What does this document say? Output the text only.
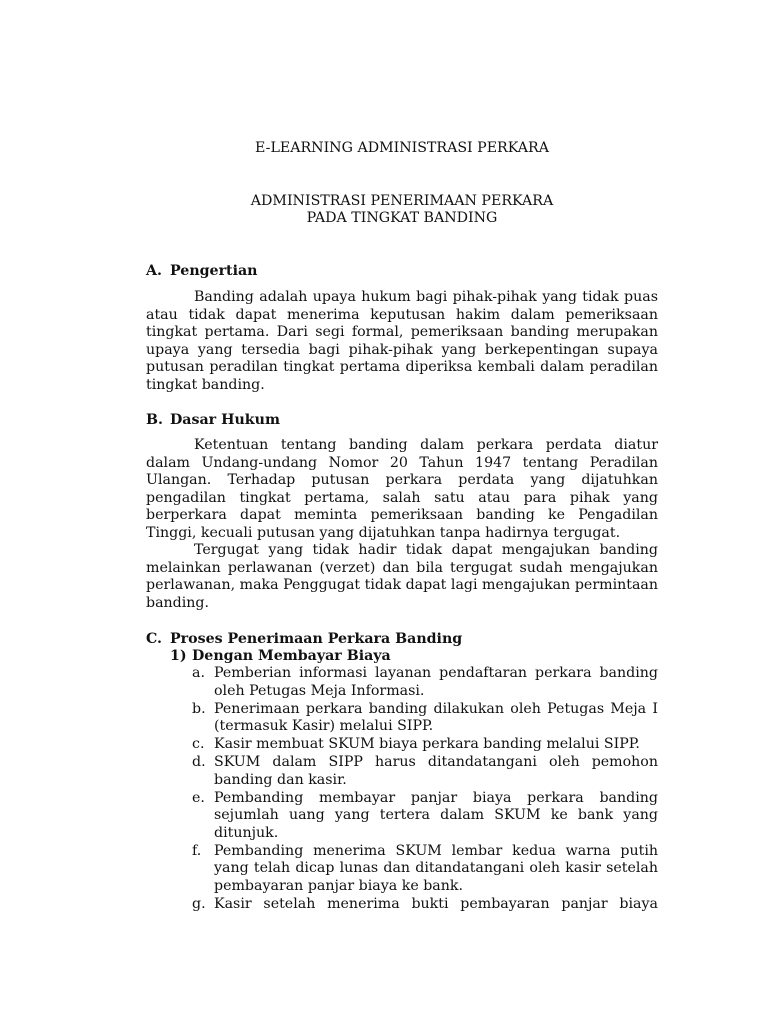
E-LEARNING ADMINISTRASI PERKARA
ADMINISTRASI PENERIMAAN PERKARA
PADA TINGKAT BANDING
A. Pengertian

Banding adalah upaya hukum bagi pihak-pihak yang tidak puas atau tidak dapat menerima keputusan hakim dalam pemeriksaan tingkat pertama. Dari segi formal, pemeriksaan banding merupakan upaya yang tersedia bagi pihak-pihak yang berkepentingan supaya putusan peradilan tingkat pertama diperiksa kembali dalam peradilan tingkat banding.

B. Dasar Hukum

Ketentuan tentang banding dalam perkara perdata diatur dalam Undang-undang Nomor 20 Tahun 1947 tentang Peradilan Ulangan. Terhadap putusan perkara perdata yang dijatuhkan pengadilan tingkat pertama, salah satu atau para pihak yang berperkara dapat meminta pemeriksaan banding ke Pengadilan Tinggi, kecuali putusan yang dijatuhkan tanpa hadirnya tergugat.

Tergugat yang tidak hadir tidak dapat mengajukan banding melainkan perlawanan (verzet) dan bila tergugat sudah mengajukan perlawanan, maka Penggugat tidak dapat lagi mengajukan permintaan banding.

C. Proses Penerimaan Perkara Banding
1) Dengan Membayar Biaya
a. Pemberian informasi layanan pendaftaran perkara banding oleh Petugas Meja Informasi.
b. Penerimaan perkara banding dilakukan oleh Petugas Meja I (termasuk Kasir) melalui SIPP.
c. Kasir membuat SKUM biaya perkara banding melalui SIPP.
d. SKUM dalam SIPP harus ditandatangani oleh pemohon banding dan kasir.
e. Pembanding membayar panjar biaya perkara banding sejumlah uang yang tertera dalam SKUM ke bank yang ditunjuk.
f. Pembanding menerima SKUM lembar kedua warna putih yang telah dicap lunas dan ditandatangani oleh kasir setelah pembayaran panjar biaya ke bank.
g. Kasir setelah menerima bukti pembayaran panjar biaya
